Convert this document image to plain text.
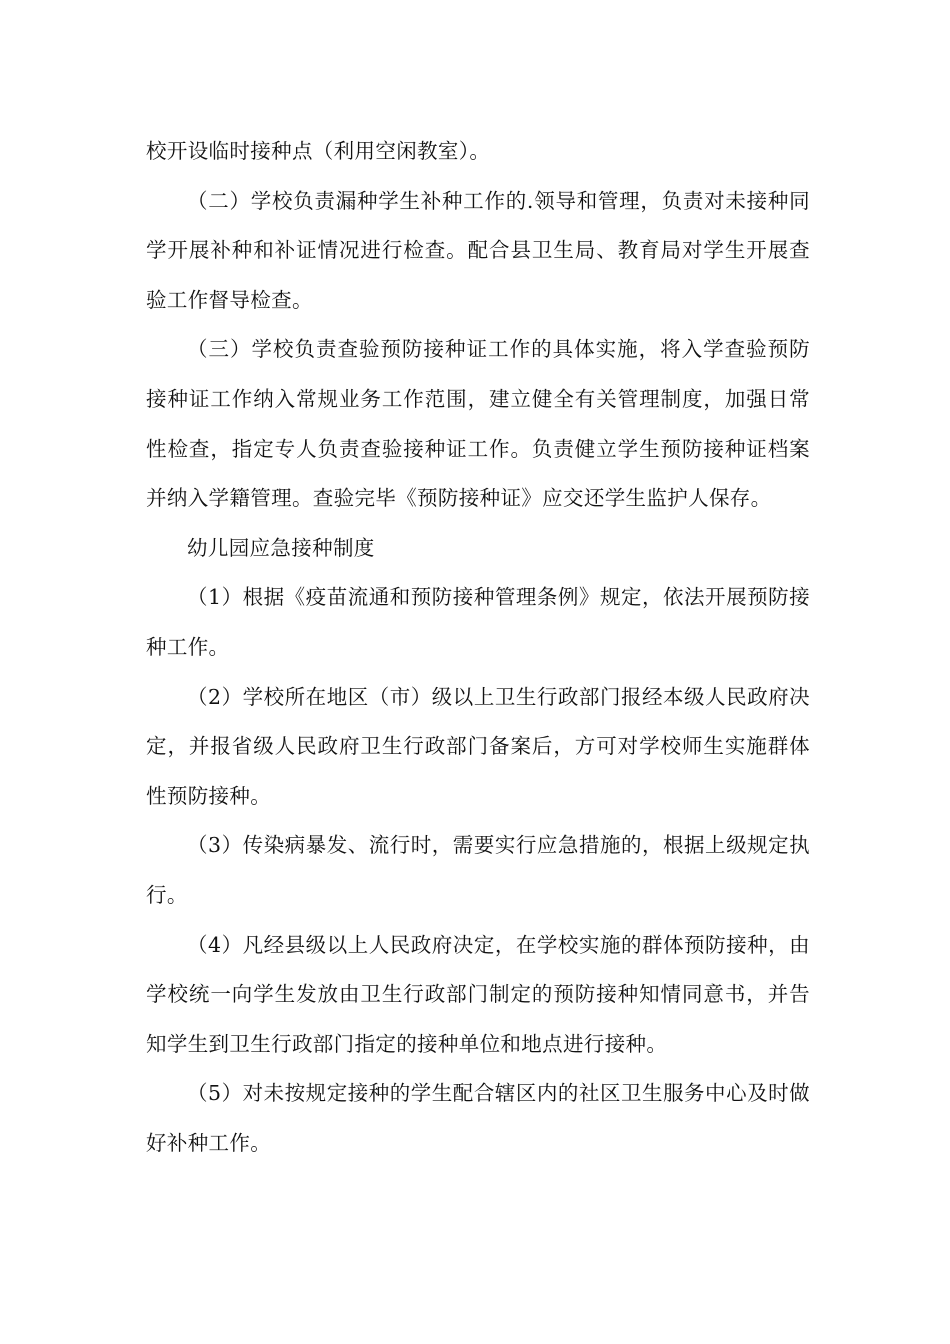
校开设临时接种点（利用空闲教室）。

（二）学校负责漏种学生补种工作的.领导和管理，负责对未接种同学开展补种和补证情况进行检查。配合县卫生局、教育局对学生开展查验工作督导检查。

（三）学校负责查验预防接种证工作的具体实施，将入学查验预防接种证工作纳入常规业务工作范围，建立健全有关管理制度，加强日常性检查，指定专人负责查验接种证工作。负责健立学生预防接种证档案并纳入学籍管理。查验完毕《预防接种证》应交还学生监护人保存。

幼儿园应急接种制度

（1）根据《疫苗流通和预防接种管理条例》规定，依法开展预防接种工作。

（2）学校所在地区（市）级以上卫生行政部门报经本级人民政府决定，并报省级人民政府卫生行政部门备案后，方可对学校师生实施群体性预防接种。

（3）传染病暴发、流行时，需要实行应急措施的，根据上级规定执行。

（4）凡经县级以上人民政府决定，在学校实施的群体预防接种，由学校统一向学生发放由卫生行政部门制定的预防接种知情同意书，并告知学生到卫生行政部门指定的接种单位和地点进行接种。

（5）对未按规定接种的学生配合辖区内的社区卫生服务中心及时做好补种工作。
